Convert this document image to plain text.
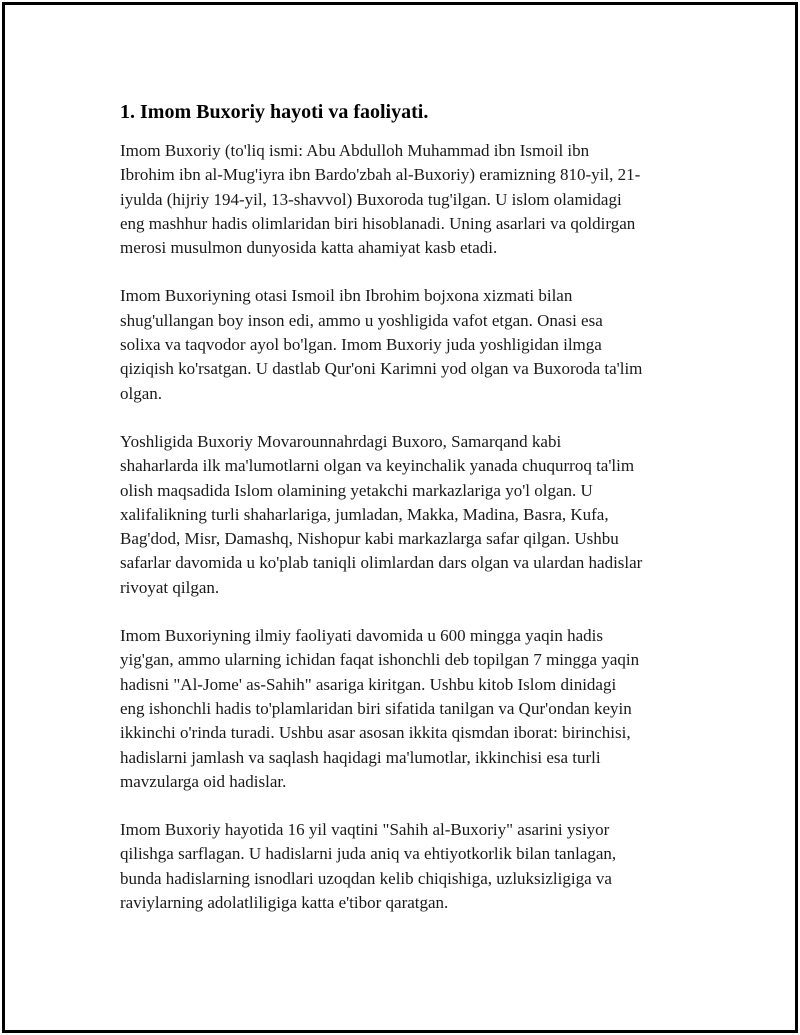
1. Imom Buxoriy hayoti va faoliyati.

Imom Buxoriy (to'liq ismi: Abu Abdulloh Muhammad ibn Ismoil ibn
Ibrohim ibn al-Mug'iyra ibn Bardo'zbah al-Buxoriy) eramizning 810-yil, 21-
iyulda (hijriy 194-yil, 13-shavvol) Buxoroda tug'ilgan. U islom olamidagi
eng mashhur hadis olimlaridan biri hisoblanadi. Uning asarlari va qoldirgan
merosi musulmon dunyosida katta ahamiyat kasb etadi.

Imom Buxoriyning otasi Ismoil ibn Ibrohim bojxona xizmati bilan
shug'ullangan boy inson edi, ammo u yoshligida vafot etgan. Onasi esa
solixa va taqvodor ayol bo'lgan. Imom Buxoriy juda yoshligidan ilmga
qiziqish ko'rsatgan. U dastlab Qur'oni Karimni yod olgan va Buxoroda ta'lim
olgan.

Yoshligida Buxoriy Movarounnahrdagi Buxoro, Samarqand kabi
shaharlarda ilk ma'lumotlarni olgan va keyinchalik yanada chuqurroq ta'lim
olish maqsadida Islom olamining yetakchi markazlariga yo'l olgan. U
xalifalikning turli shaharlariga, jumladan, Makka, Madina, Basra, Kufa,
Bag'dod, Misr, Damashq, Nishopur kabi markazlarga safar qilgan. Ushbu
safarlar davomida u ko'plab taniqli olimlardan dars olgan va ulardan hadislar
rivoyat qilgan.

Imom Buxoriyning ilmiy faoliyati davomida u 600 mingga yaqin hadis
yig'gan, ammo ularning ichidan faqat ishonchli deb topilgan 7 mingga yaqin
hadisni "Al-Jome' as-Sahih" asariga kiritgan. Ushbu kitob Islom dinidagi
eng ishonchli hadis to'plamlaridan biri sifatida tanilgan va Qur'ondan keyin
ikkinchi o'rinda turadi. Ushbu asar asosan ikkita qismdan iborat: birinchisi,
hadislarni jamlash va saqlash haqidagi ma'lumotlar, ikkinchisi esa turli
mavzularga oid hadislar.

Imom Buxoriy hayotida 16 yil vaqtini "Sahih al-Buxoriy" asarini ysiyor
qilishga sarflagan. U hadislarni juda aniq va ehtiyotkorlik bilan tanlagan,
bunda hadislarning isnodlari uzoqdan kelib chiqishiga, uzluksizligiga va
raviylarning adolatliligiga katta e'tibor qaratgan.
